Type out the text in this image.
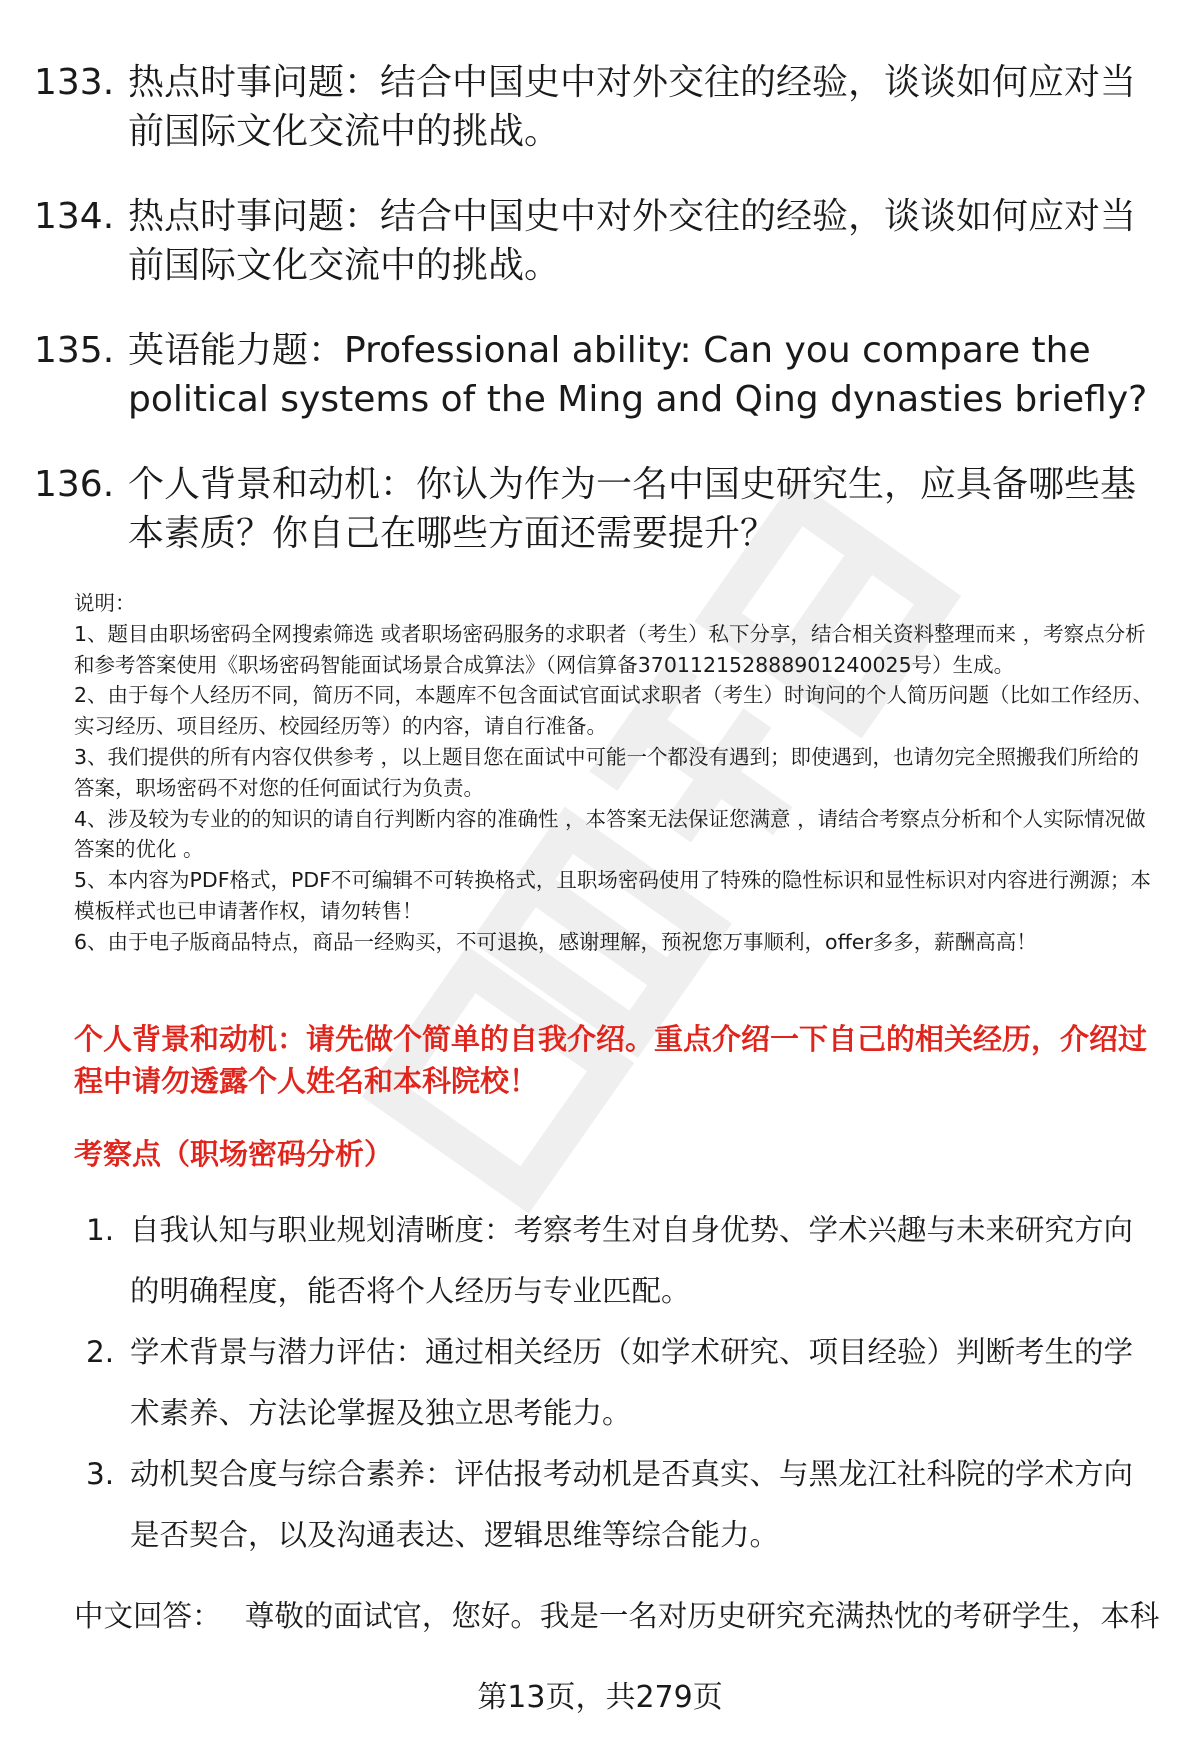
133. 热点时事问题：结合中国史中对外交往的经验，谈谈如何应对当前国际文化交流中的挑战。
134. 热点时事问题：结合中国史中对外交往的经验，谈谈如何应对当前国际文化交流中的挑战。
135. 英语能力题：Professional ability: Can you compare the political systems of the Ming and Qing dynasties briefly?
136. 个人背景和动机：你认为作为一名中国史研究生，应具备哪些基本素质？你自己在哪些方面还需要提升？

说明：

1、题目由职场密码全网搜索筛选 或者职场密码服务的求职者（考生）私下分享，结合相关资料整理而来 ，考察点分析和参考答案使用《职场密码智能面试场景合成算法》（网信算备370112152888901240025号）生成。

2、由于每个人经历不同，简历不同，本题库不包含面试官面试求职者（考生）时询问的个人简历问题（比如工作经历、实习经历、项目经历、校园经历等）的内容，请自行准备。

3、我们提供的所有内容仅供参考 ，以上题目您在面试中可能一个都没有遇到；即使遇到，也请勿完全照搬我们所给的答案，职场密码不对您的任何面试行为负责。

4、涉及较为专业的的知识的请自行判断内容的准确性 ，本答案无法保证您满意 ，请结合考察点分析和个人实际情况做答案的优化 。

5、本内容为PDF格式，PDF不可编辑不可转换格式，且职场密码使用了特殊的隐性标识和显性标识对内容进行溯源；本模板样式也已申请著作权，请勿转售！

6、由于电子版商品特点，商品一经购买，不可退换，感谢理解，预祝您万事顺利，offer多多，薪酬高高！

个人背景和动机：请先做个简单的自我介绍。重点介绍一下自己的相关经历，介绍过程中请勿透露个人姓名和本科院校！
考察点（职场密码分析）
1. 自我认知与职业规划清晰度：考察考生对自身优势、学术兴趣与未来研究方向的明确程度，能否将个人经历与专业匹配。
2. 学术背景与潜力评估：通过相关经历（如学术研究、项目经验）判断考生的学术素养、方法论掌握及独立思考能力。
3. 动机契合度与综合素养：评估报考动机是否真实、与黑龙江社科院的学术方向是否契合，以及沟通表达、逻辑思维等综合能力。
中文回答： 尊敬的面试官，您好。我是一名对历史研究充满热忱的考研学生，本科
第13页，共279页
